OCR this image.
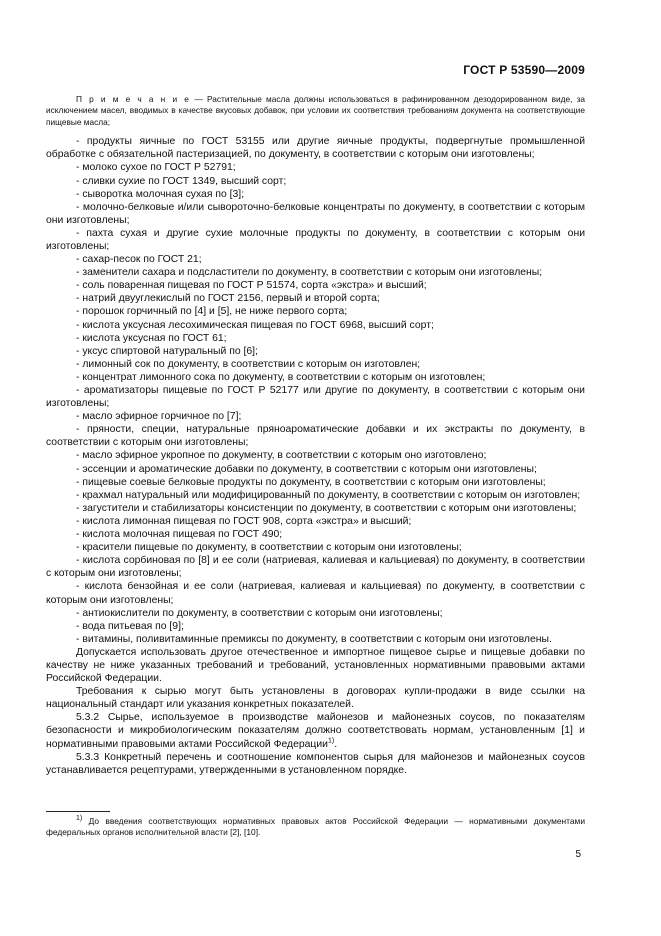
ГОСТ Р 53590—2009
П р и м е ч а н и е — Растительные масла должны использоваться в рафинированном дезодорированном виде, за исключением масел, вводимых в качестве вкусовых добавок, при условии их соответствия требованиям документа на соответствующие пищевые масла;

- продукты яичные по ГОСТ 53155 или другие яичные продукты, подвергнутые промышленной обработке с обязательной пастеризацией, по документу, в соответствии с которым они изготовлены;

- молоко сухое по ГОСТ Р 52791;

- сливки сухие по ГОСТ 1349, высший сорт;

- сыворотка молочная сухая по [3];

- молочно-белковые и/или сывороточно-белковые концентраты по документу, в соответствии с которым они изготовлены;

- пахта сухая и другие сухие молочные продукты по документу, в соответствии с которым они изготовлены;

- сахар-песок по ГОСТ 21;

- заменители сахара и подсластители по документу, в соответствии с которым они изготовлены;

- соль поваренная пищевая по ГОСТ Р 51574, сорта «экстра» и высший;

- натрий двууглекислый по ГОСТ 2156, первый и второй сорта;

- порошок горчичный по [4] и [5], не ниже первого сорта;

- кислота уксусная лесохимическая пищевая по ГОСТ 6968, высший сорт;

- кислота уксусная по ГОСТ 61;

- уксус спиртовой натуральный по [6];

- лимонный сок по документу, в соответствии с которым он изготовлен;

- концентрат лимонного сока по документу, в соответствии с которым он изготовлен;

- ароматизаторы пищевые по ГОСТ Р 52177 или другие по документу, в соответствии с которым они изготовлены;

- масло эфирное горчичное по [7];

- пряности, специи, натуральные пряноароматические добавки и их экстракты по документу, в соответствии с которым они изготовлены;

- масло эфирное укропное по документу, в соответствии с которым оно изготовлено;

- эссенции и ароматические добавки по документу, в соответствии с которым они изготовлены;

- пищевые соевые белковые продукты по документу, в соответствии с которым они изготовлены;

- крахмал натуральный или модифицированный по документу, в соответствии с которым он изготовлен;

- загустители и стабилизаторы консистенции по документу, в соответствии с которым они изготовлены;

- кислота лимонная пищевая по ГОСТ 908, сорта «экстра» и высший;

- кислота молочная пищевая по ГОСТ 490;

- красители пищевые по документу, в соответствии с которым они изготовлены;

- кислота сорбиновая по [8] и ее соли (натриевая, калиевая и кальциевая) по документу, в соответствии с которым они изготовлены;

- кислота бензойная и ее соли (натриевая, калиевая и кальциевая) по документу, в соответствии с которым они изготовлены;

- антиокислители по документу, в соответствии с которым они изготовлены;

- вода питьевая по [9];

- витамины, поливитаминные премиксы по документу, в соответствии с которым они изготовлены.

Допускается использовать другое отечественное и импортное пищевое сырье и пищевые добавки по качеству не ниже указанных требований и требований, установленных нормативными правовыми актами Российской Федерации.

Требования к сырью могут быть установлены в договорах купли-продажи в виде ссылки на национальный стандарт или указания конкретных показателей.

5.3.2 Сырье, используемое в производстве майонезов и майонезных соусов, по показателям безопасности и микробиологическим показателям должно соответствовать нормам, установленным [1] и нормативными правовыми актами Российской Федерации$^{1)}$.

5.3.3 Конкретный перечень и соотношение компонентов сырья для майонезов и майонезных соусов устанавливается рецептурами, утвержденными в установленном порядке.

$^{1)}$ До введения соответствующих нормативных правовых актов Российской Федерации — нормативными документами федеральных органов исполнительной власти [2], [10].
5
